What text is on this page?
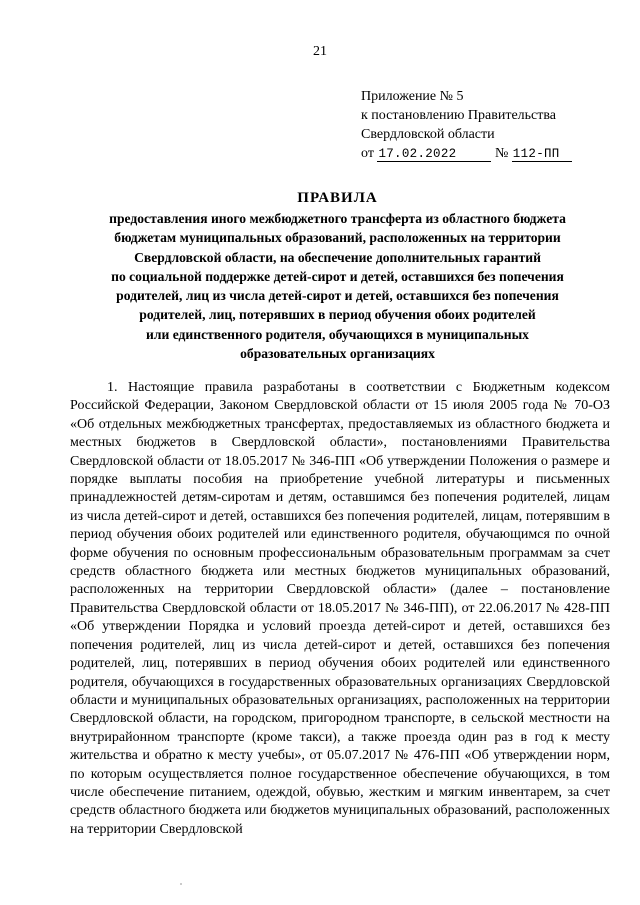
21
Приложение № 5
к постановлению Правительства
Свердловской области
от 17.02.2022	№ 112-ПП
ПРАВИЛА
предоставления иного межбюджетного трансферта из областного бюджета
бюджетам муниципальных образований, расположенных на территории
Свердловской области, на обеспечение дополнительных гарантий
по социальной поддержке детей-сирот и детей, оставшихся без попечения
родителей, лиц из числа детей-сирот и детей, оставшихся без попечения
родителей, лиц, потерявших в период обучения обоих родителей
или единственного родителя, обучающихся в муниципальных
образовательных организациях

1. Настоящие правила разработаны в соответствии с Бюджетным кодексом Российской Федерации, Законом Свердловской области от 15 июля 2005 года № 70-ОЗ «Об отдельных межбюджетных трансфертах, предоставляемых из областного бюджета и местных бюджетов в Свердловской области», постановлениями Правительства Свердловской области от 18.05.2017 № 346-ПП «Об утверждении Положения о размере и порядке выплаты пособия на приобретение учебной литературы и письменных принадлежностей детям-сиротам и детям, оставшимся без попечения родителей, лицам из числа детей-сирот и детей, оставшихся без попечения родителей, лицам, потерявшим в период обучения обоих родителей или единственного родителя, обучающимся по очной форме обучения по основным профессиональным образовательным программам за счет средств областного бюджета или местных бюджетов муниципальных образований, расположенных на территории Свердловской области» (далее – постановление Правительства Свердловской области от 18.05.2017 № 346-ПП), от 22.06.2017 № 428-ПП «Об утверждении Порядка и условий проезда детей-сирот и детей, оставшихся без попечения родителей, лиц из числа детей-сирот и детей, оставшихся без попечения родителей, лиц, потерявших в период обучения обоих родителей или единственного родителя, обучающихся в государственных образовательных организациях Свердловской области и муниципальных образовательных организациях, расположенных на территории Свердловской области, на городском, пригородном транспорте, в сельской местности на внутрирайонном транспорте (кроме такси), а также проезда один раз в год к месту жительства и обратно к месту учебы», от 05.07.2017 № 476-ПП «Об утверждении норм, по которым осуществляется полное государственное обеспечение обучающихся, в том числе обеспечение питанием, одеждой, обувью, жестким и мягким инвентарем, за счет средств областного бюджета или бюджетов муниципальных образований, расположенных на территории Свердловской
